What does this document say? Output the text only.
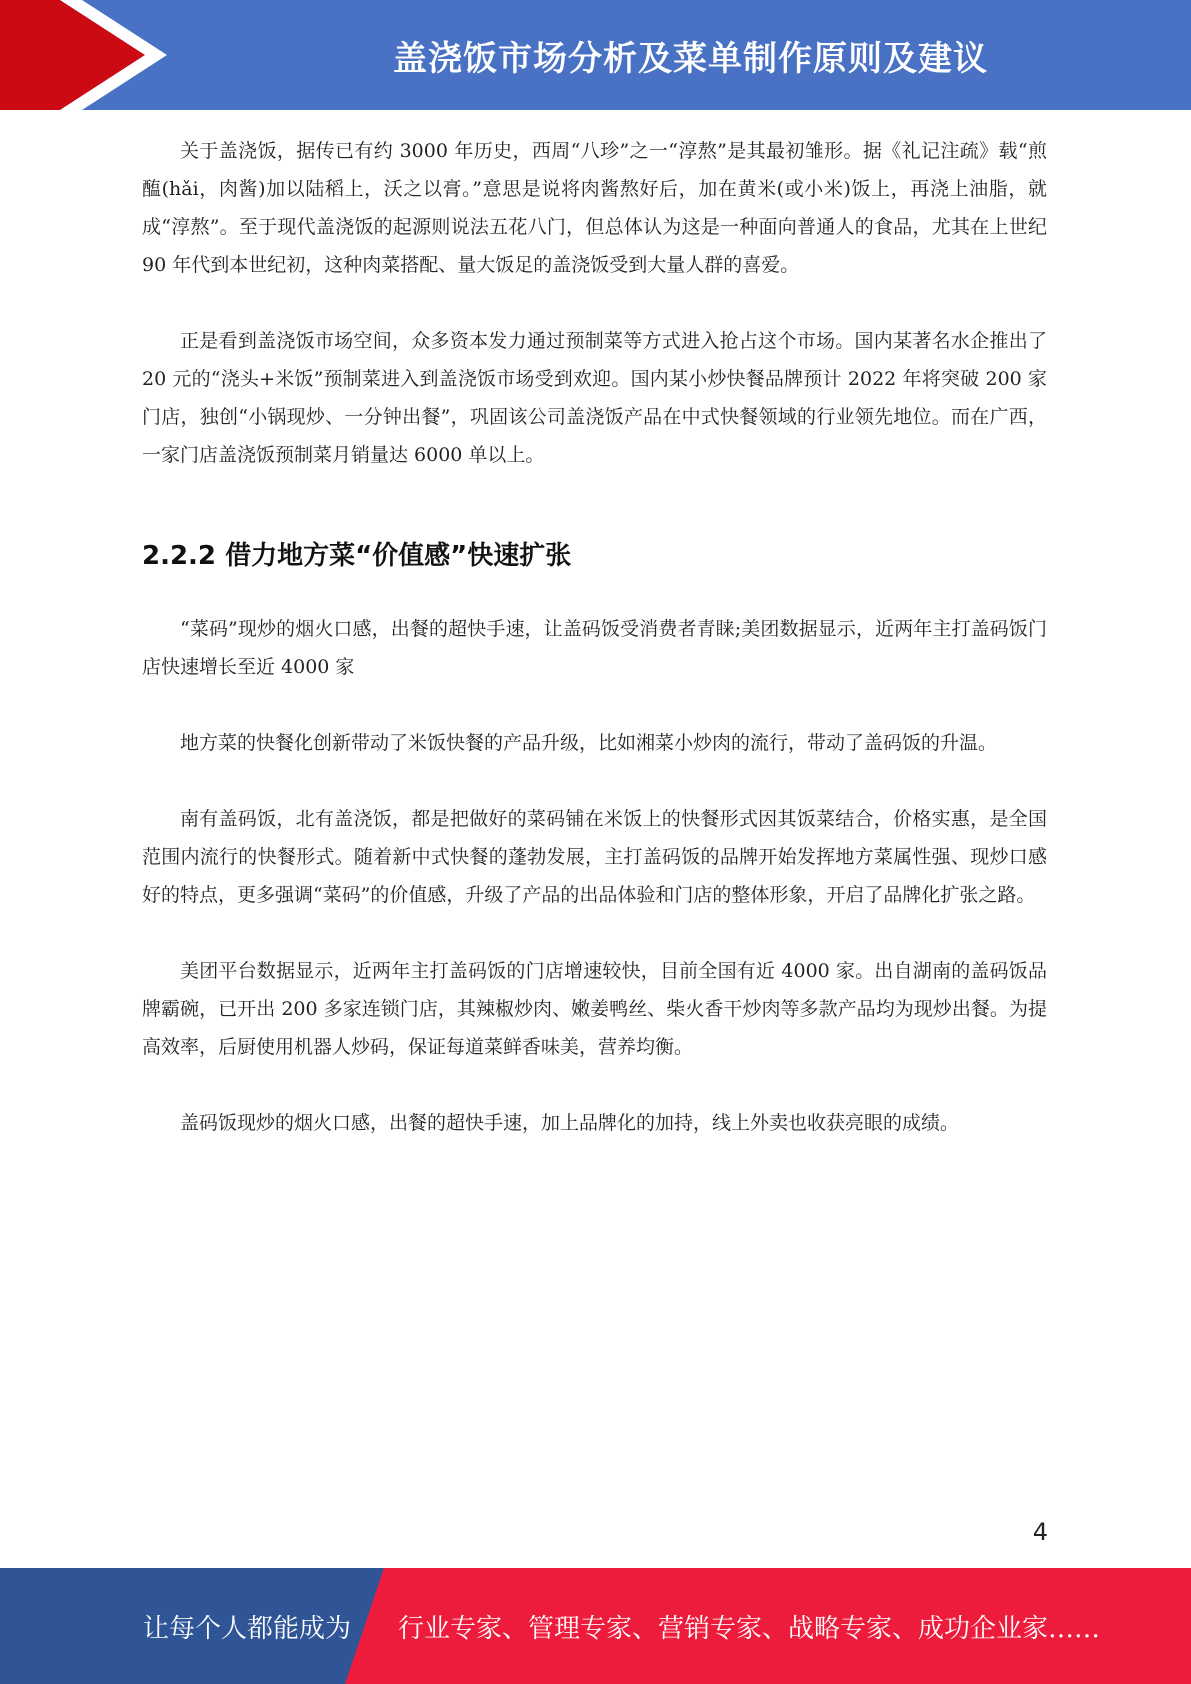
盖浇饭市场分析及菜单制作原则及建议

关于盖浇饭，据传已有约 3000 年历史，西周“八珍”之一“淳熬”是其最初雏形。据《礼记注疏》载“煎醢(hǎi，肉酱)加以陆稻上，沃之以膏。”意思是说将肉酱熬好后，加在黄米(或小米)饭上，再浇上油脂，就成“淳熬”。至于现代盖浇饭的起源则说法五花八门，但总体认为这是一种面向普通人的食品，尤其在上世纪 90 年代到本世纪初，这种肉菜搭配、量大饭足的盖浇饭受到大量人群的喜爱。

正是看到盖浇饭市场空间，众多资本发力通过预制菜等方式进入抢占这个市场。国内某著名水企推出了 20 元的“浇头+米饭”预制菜进入到盖浇饭市场受到欢迎。国内某小炒快餐品牌预计 2022 年将突破 200 家门店，独创“小锅现炒、一分钟出餐”，巩固该公司盖浇饭产品在中式快餐领域的行业领先地位。而在广西，一家门店盖浇饭预制菜月销量达 6000 单以上。

2.2.2 借力地方菜“价值感”快速扩张

“菜码”现炒的烟火口感，出餐的超快手速，让盖码饭受消费者青睐;美团数据显示，近两年主打盖码饭门店快速增长至近 4000 家

地方菜的快餐化创新带动了米饭快餐的产品升级，比如湘菜小炒肉的流行，带动了盖码饭的升温。

南有盖码饭，北有盖浇饭，都是把做好的菜码铺在米饭上的快餐形式因其饭菜结合，价格实惠，是全国范围内流行的快餐形式。随着新中式快餐的蓬勃发展，主打盖码饭的品牌开始发挥地方菜属性强、现炒口感好的特点，更多强调“菜码”的价值感，升级了产品的出品体验和门店的整体形象，开启了品牌化扩张之路。

美团平台数据显示，近两年主打盖码饭的门店增速较快，目前全国有近 4000 家。出自湖南的盖码饭品牌霸碗，已开出 200 多家连锁门店，其辣椒炒肉、嫩姜鸭丝、柴火香干炒肉等多款产品均为现炒出餐。为提高效率，后厨使用机器人炒码，保证每道菜鲜香味美，营养均衡。

盖码饭现炒的烟火口感，出餐的超快手速，加上品牌化的加持，线上外卖也收获亮眼的成绩。

4
让每个人都能成为 行业专家、管理专家、营销专家、战略专家、成功企业家……
